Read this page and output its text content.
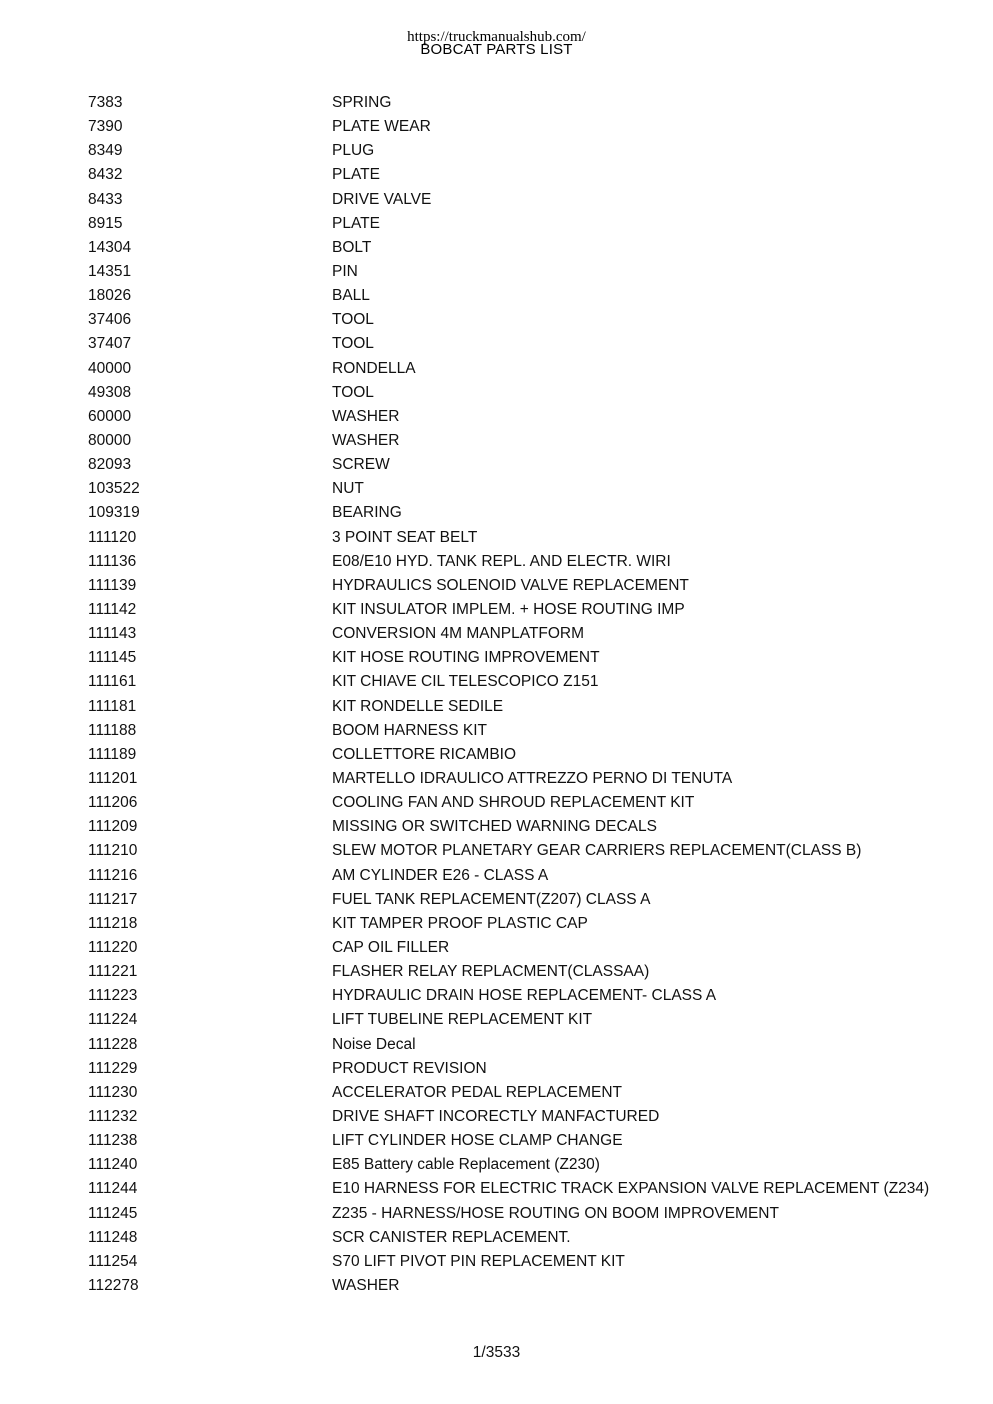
https://truckmanualshub.com/
BOBCAT PARTS LIST
7383	SPRING
7390	PLATE WEAR
8349	PLUG
8432	PLATE
8433	DRIVE VALVE
8915	PLATE
14304	BOLT
14351	PIN
18026	BALL
37406	TOOL
37407	TOOL
40000	RONDELLA
49308	TOOL
60000	WASHER
80000	WASHER
82093	SCREW
103522	NUT
109319	BEARING
111120	3 POINT SEAT BELT
111136	E08/E10 HYD. TANK REPL. AND ELECTR. WIRI
111139	HYDRAULICS SOLENOID VALVE REPLACEMENT
111142	KIT INSULATOR IMPLEM. + HOSE ROUTING IMP
111143	CONVERSION 4M MANPLATFORM
111145	KIT HOSE ROUTING IMPROVEMENT
111161	KIT CHIAVE CIL TELESCOPICO Z151
111181	KIT RONDELLE SEDILE
111188	BOOM HARNESS KIT
111189	COLLETTORE RICAMBIO
111201	MARTELLO IDRAULICO ATTREZZO PERNO DI TENUTA
111206	COOLING FAN AND SHROUD REPLACEMENT KIT
111209	MISSING OR SWITCHED WARNING DECALS
111210	SLEW MOTOR PLANETARY GEAR CARRIERS REPLACEMENT(CLASS B)
111216	AM CYLINDER E26 - CLASS A
111217	FUEL TANK REPLACEMENT(Z207) CLASS A
111218	KIT TAMPER PROOF PLASTIC CAP
111220	CAP OIL FILLER
111221	FLASHER RELAY REPLACMENT(CLASSAA)
111223	HYDRAULIC DRAIN HOSE REPLACEMENT- CLASS A
111224	LIFT TUBELINE REPLACEMENT KIT
111228	Noise Decal
111229	PRODUCT REVISION
111230	ACCELERATOR PEDAL REPLACEMENT
111232	DRIVE SHAFT INCORECTLY MANFACTURED
111238	LIFT CYLINDER HOSE CLAMP CHANGE
111240	E85 Battery cable Replacement (Z230)
111244	E10 HARNESS FOR ELECTRIC TRACK EXPANSION VALVE REPLACEMENT (Z234)
111245	Z235 - HARNESS/HOSE ROUTING ON BOOM IMPROVEMENT
111248	SCR CANISTER REPLACEMENT.
111254	S70 LIFT PIVOT PIN REPLACEMENT KIT
112278	WASHER
1/3533
